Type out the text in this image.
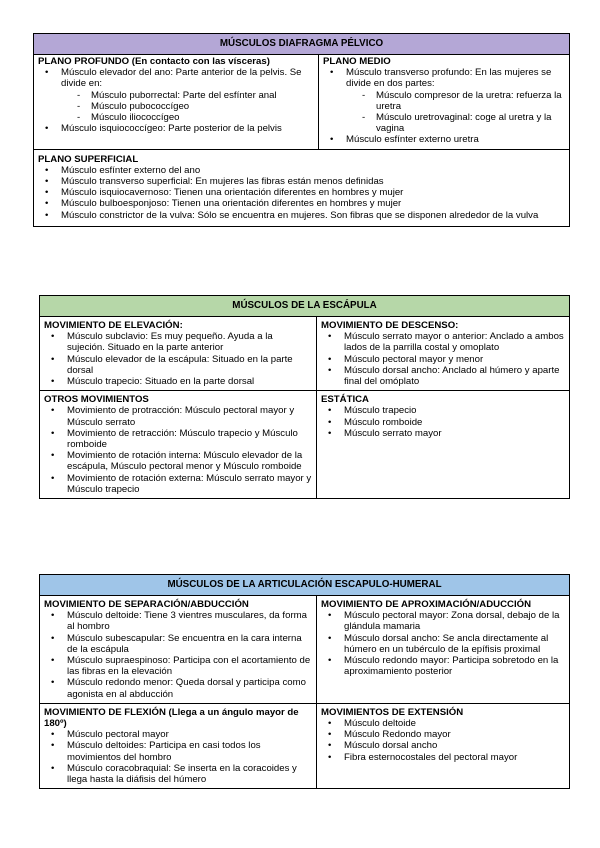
MÚSCULOS DIAFRAGMA PÉLVICO
PLANO PROFUNDO (En contacto con las vísceras)
• Músculo elevador del ano: Parte anterior de la pelvis. Se divide en:
- Músculo puborrectal: Parte del esfínter anal
- Músculo pubococcígeo
- Músculo iliococcígeo
• Músculo isquiococcígeo: Parte posterior de la pelvis
PLANO MEDIO
• Músculo transverso profundo: En las mujeres se divide en dos partes:
- Músculo compresor de la uretra: refuerza la uretra
- Músculo uretrovaginal: coge al uretra y la vagina
• Músculo esfínter externo uretra
PLANO SUPERFICIAL
• Músculo esfínter externo del ano
• Músculo transverso superficial: En mujeres las fibras están menos definidas
• Músculo isquiocavernoso: Tienen una orientación diferentes en hombres y mujer
• Músculo bulboesponjoso: Tienen una orientación diferentes en hombres y mujer
• Músculo constrictor de la vulva: Sólo se encuentra en mujeres. Son fibras que se disponen alrededor de la vulva
MÚSCULOS DE LA ESCÁPULA
MOVIMIENTO DE ELEVACIÓN:
• Músculo subclavio: Es muy pequeño. Ayuda a la sujeción. Situado en la parte anterior
• Músculo elevador de la escápula: Situado en la parte dorsal
• Músculo trapecio: Situado en la parte dorsal
MOVIMIENTO DE DESCENSO:
• Músculo serrato mayor o anterior: Anclado a ambos lados de la parrilla costal y omoplato
• Músculo pectoral mayor y menor
• Músculo dorsal ancho: Anclado al húmero y aparte final del omóplato
OTROS MOVIMIENTOS
• Movimiento de protracción: Músculo pectoral mayor y Músculo serrato
• Movimiento de retracción: Músculo trapecio y Músculo romboide
• Movimiento de rotación interna: Músculo elevador de la escápula, Músculo pectoral menor y Músculo romboide
• Movimiento de rotación externa: Músculo serrato mayor y Músculo trapecio
ESTÁTICA
• Músculo trapecio
• Músculo romboide
• Músculo serrato mayor
MÚSCULOS DE LA ARTICULACIÓN ESCAPULO-HUMERAL
MOVIMIENTO DE SEPARACIÓN/ABDUCCIÓN
• Músculo deltoide: Tiene 3 vientres musculares, da forma al hombro
• Músculo subescapular: Se encuentra en la cara interna de la escápula
• Músculo supraespinoso: Participa con el acortamiento de las fibras en la elevación
• Músculo redondo menor: Queda dorsal y participa como agonista en al abducción
MOVIMIENTO DE APROXIMACIÓN/ADUCCIÓN
• Músculo pectoral mayor: Zona dorsal, debajo de la glándula mamaria
• Músculo dorsal ancho: Se ancla directamente al húmero en un tubérculo de la epífisis proximal
• Músculo redondo mayor: Participa sobretodo en la aproximamiento posterior
MOVIMIENTO DE FLEXIÓN (Llega a un ángulo mayor de 180º)
• Músculo pectoral mayor
• Músculo deltoides: Participa en casi todos los movimientos del hombro
• Músculo coracobraquial: Se inserta en la coracoides y llega hasta la diáfisis del húmero
MOVIMIENTOS DE EXTENSIÓN
• Músculo deltoide
• Músculo Redondo mayor
• Músculo dorsal ancho
• Fibra esternocostales del pectoral mayor
